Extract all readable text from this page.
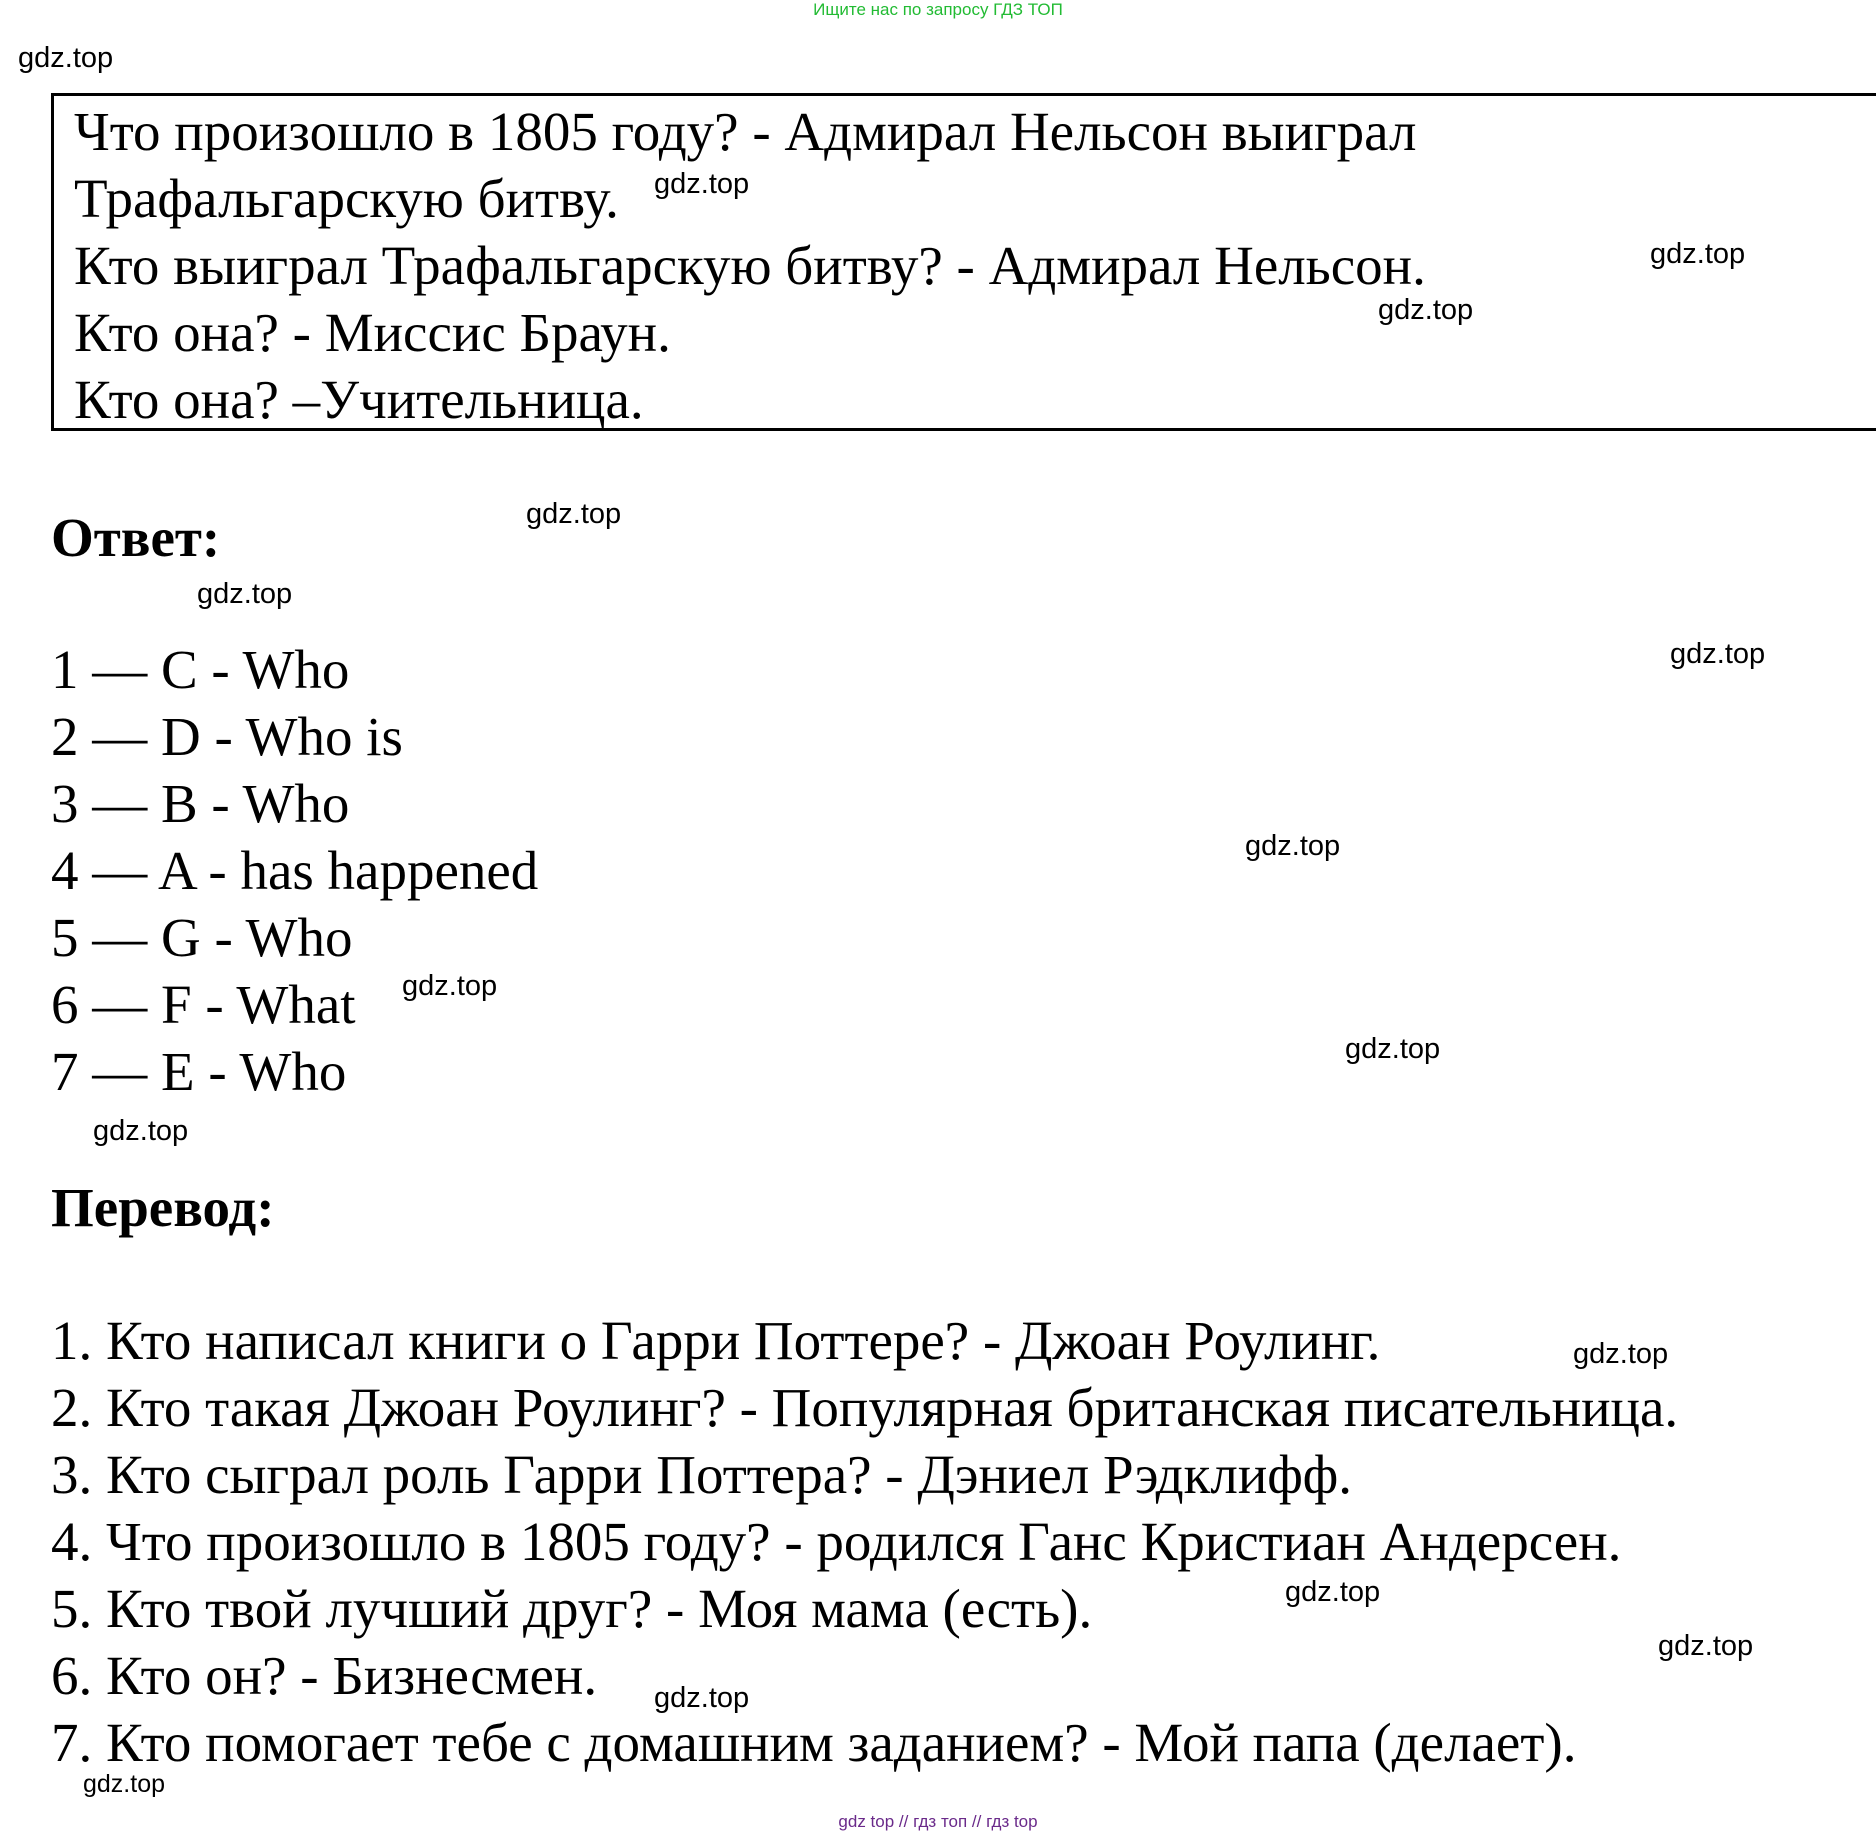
Ищите нас по запросу ГДЗ ТОП
Что произошло в 1805 году? - Адмирал Нельсон выиграл
Трафальгарскую битву.
Кто выиграл Трафальгарскую битву? - Адмирал Нельсон.
Кто она? - Миссис Браун.
Кто она? –Учительница.
Ответ:
1 — C - Who
2 — D - Who is
3 — B - Who
4 — A - has happened
5 — G - Who
6 — F - What
7 — E - Who
Перевод:
1. Кто написал книги о Гарри Поттере? - Джоан Роулинг.
2. Кто такая Джоан Роулинг? - Популярная британская писательница.
3. Кто сыграл роль Гарри Поттера? - Дэниел Рэдклифф.
4. Что произошло в 1805 году? - родился Ганс Кристиан Андерсен.
5. Кто твой лучший друг? - Моя мама (есть).
6. Кто он? - Бизнесмен.
7. Кто помогает тебе с домашним заданием? - Мой папа (делает).
gdz.top
gdz.top
gdz.top
gdz.top
gdz.top
gdz.top
gdz.top
gdz.top
gdz.top
gdz.top
gdz.top
gdz.top
gdz.top
gdz.top
gdz.top
gdz.top
gdz top // гдз топ // гдз top
